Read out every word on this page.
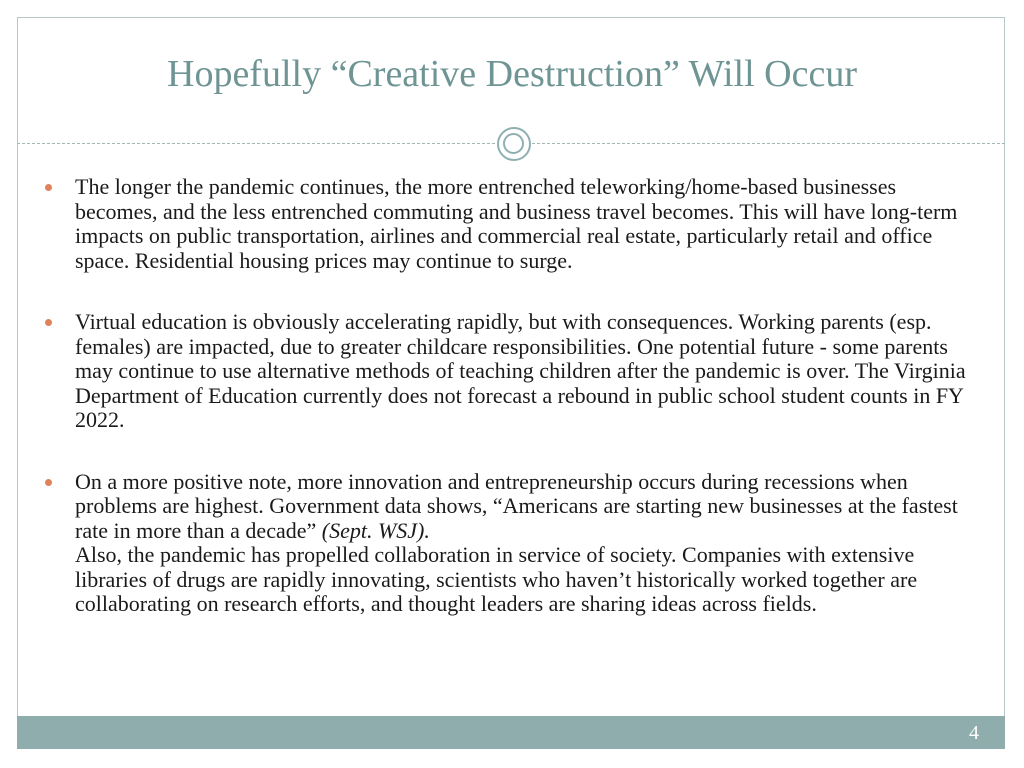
Hopefully “Creative Destruction” Will Occur
The longer the pandemic continues, the more entrenched teleworking/home-based businesses becomes, and the less entrenched commuting and business travel becomes. This will have long-term impacts on public transportation, airlines and commercial real estate, particularly retail and office space. Residential housing prices may continue to surge.
Virtual education is obviously accelerating rapidly, but with consequences. Working parents (esp. females) are impacted, due to greater childcare responsibilities. One potential future - some parents may continue to use alternative methods of teaching children after the pandemic is over. The Virginia Department of Education currently does not forecast a rebound in public school student counts in FY 2022.
On a more positive note, more innovation and entrepreneurship occurs during recessions when problems are highest. Government data shows, “Americans are starting new businesses at the fastest rate in more than a decade” (Sept. WSJ).
Also, the pandemic has propelled collaboration in service of society. Companies with extensive libraries of drugs are rapidly innovating, scientists who haven’t historically worked together are collaborating on research efforts, and thought leaders are sharing ideas across fields.
4
